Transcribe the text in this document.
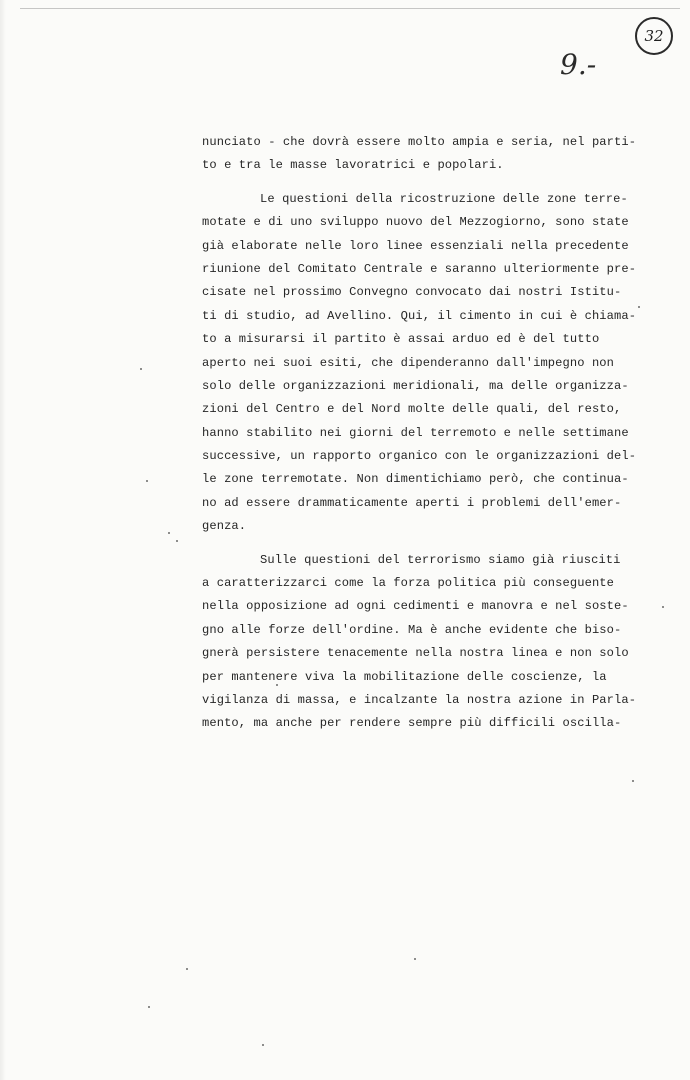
32
9.-
nunciato - che dovrà essere molto ampia e seria, nel parti-
to e tra le masse lavoratrici e popolari.
Le questioni della ricostruzione delle zone terre-
motate e di uno sviluppo nuovo del Mezzogiorno, sono state
già elaborate nelle loro linee essenziali nella precedente
riunione del Comitato Centrale e saranno ulteriormente pre-
cisate nel prossimo Convegno convocato dai nostri Istitu-
ti di studio, ad Avellino. Qui, il cimento in cui è chiama-
to a misurarsi il partito è assai arduo ed è del tutto
aperto nei suoi esiti, che dipenderanno dall'impegno non
solo delle organizzazioni meridionali, ma delle organizza-
zioni del Centro e del Nord molte delle quali, del resto,
hanno stabilito nei giorni del terremoto e nelle settimane
successive, un rapporto organico con le organizzazioni del-
le zone terremotate. Non dimentichiamo però, che continua-
no ad essere drammaticamente aperti i problemi dell'emer-
genza.
Sulle questioni del terrorismo siamo già riusciti
a caratterizzarci come la forza politica più conseguente
nella opposizione ad ogni cedimenti e manovra e nel soste-
gno alle forze dell'ordine. Ma è anche evidente che biso-
gnerà persistere tenacemente nella nostra linea e non solo
per mantenere viva la mobilitazione delle coscienze, la
vigilanza di massa, e incalzante la nostra azione in Parla-
mento, ma anche per rendere sempre più difficili oscilla-
